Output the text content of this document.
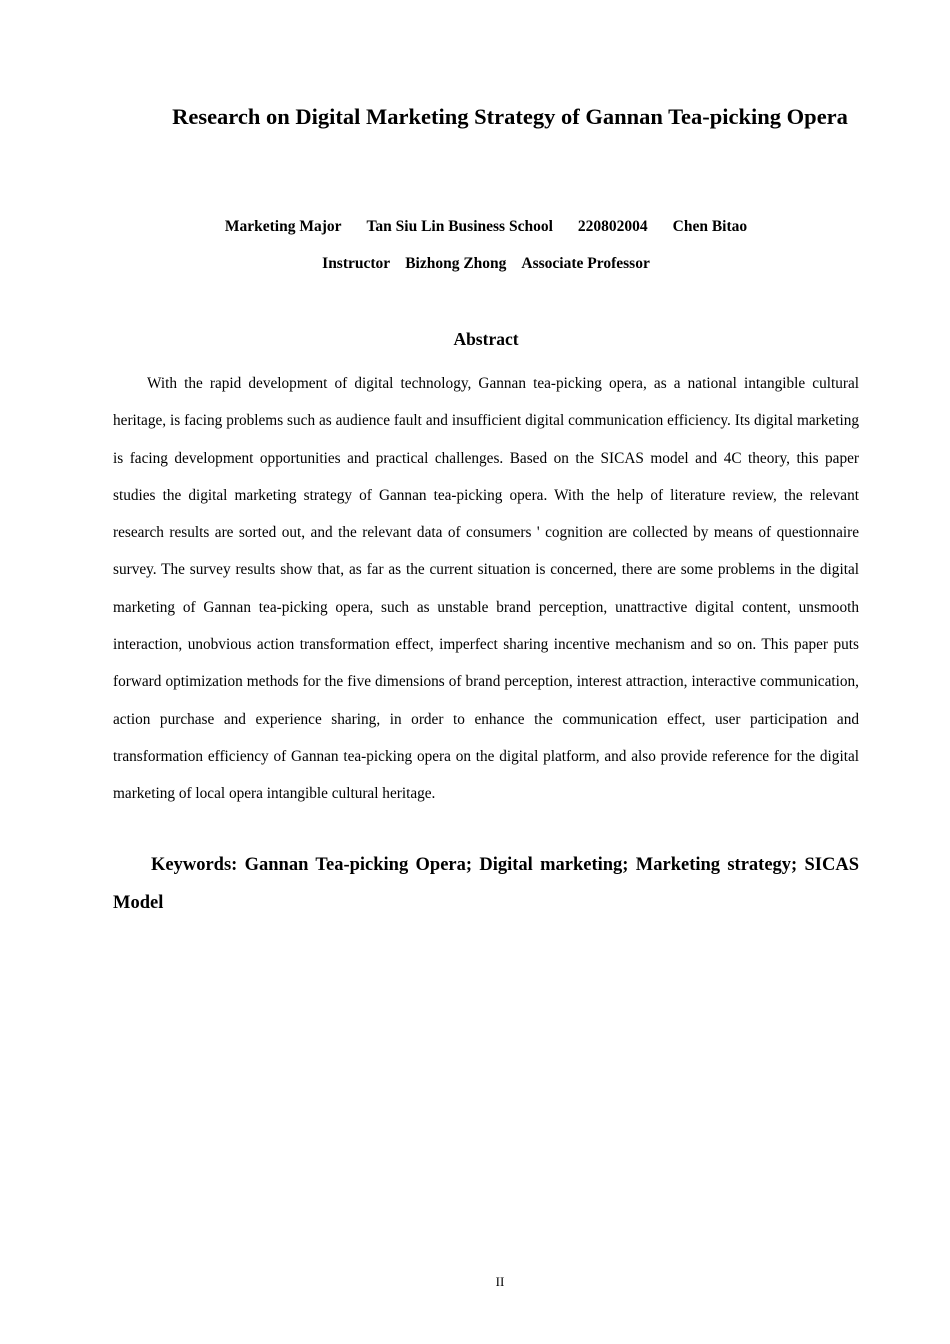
Research on Digital Marketing Strategy of Gannan Tea-picking Opera
Marketing Major Tan Siu Lin Business School 220802004 Chen Bitao
Instructor Bizhong Zhong Associate Professor
Abstract

With the rapid development of digital technology, Gannan tea-picking opera, as a national intangible cultural heritage, is facing problems such as audience fault and insufficient digital communication efficiency. Its digital marketing is facing development opportunities and practical challenges. Based on the SICAS model and 4C theory, this paper studies the digital marketing strategy of Gannan tea-picking opera. With the help of literature review, the relevant research results are sorted out, and the relevant data of consumers ' cognition are collected by means of questionnaire survey. The survey results show that, as far as the current situation is concerned, there are some problems in the digital marketing of Gannan tea-picking opera, such as unstable brand perception, unattractive digital content, unsmooth interaction, unobvious action transformation effect, imperfect sharing incentive mechanism and so on. This paper puts forward optimization methods for the five dimensions of brand perception, interest attraction, interactive communication, action purchase and experience sharing, in order to enhance the communication effect, user participation and transformation efficiency of Gannan tea-picking opera on the digital platform, and also provide reference for the digital marketing of local opera intangible cultural heritage.

Keywords: Gannan Tea-picking Opera; Digital marketing; Marketing strategy; SICAS Model

II
